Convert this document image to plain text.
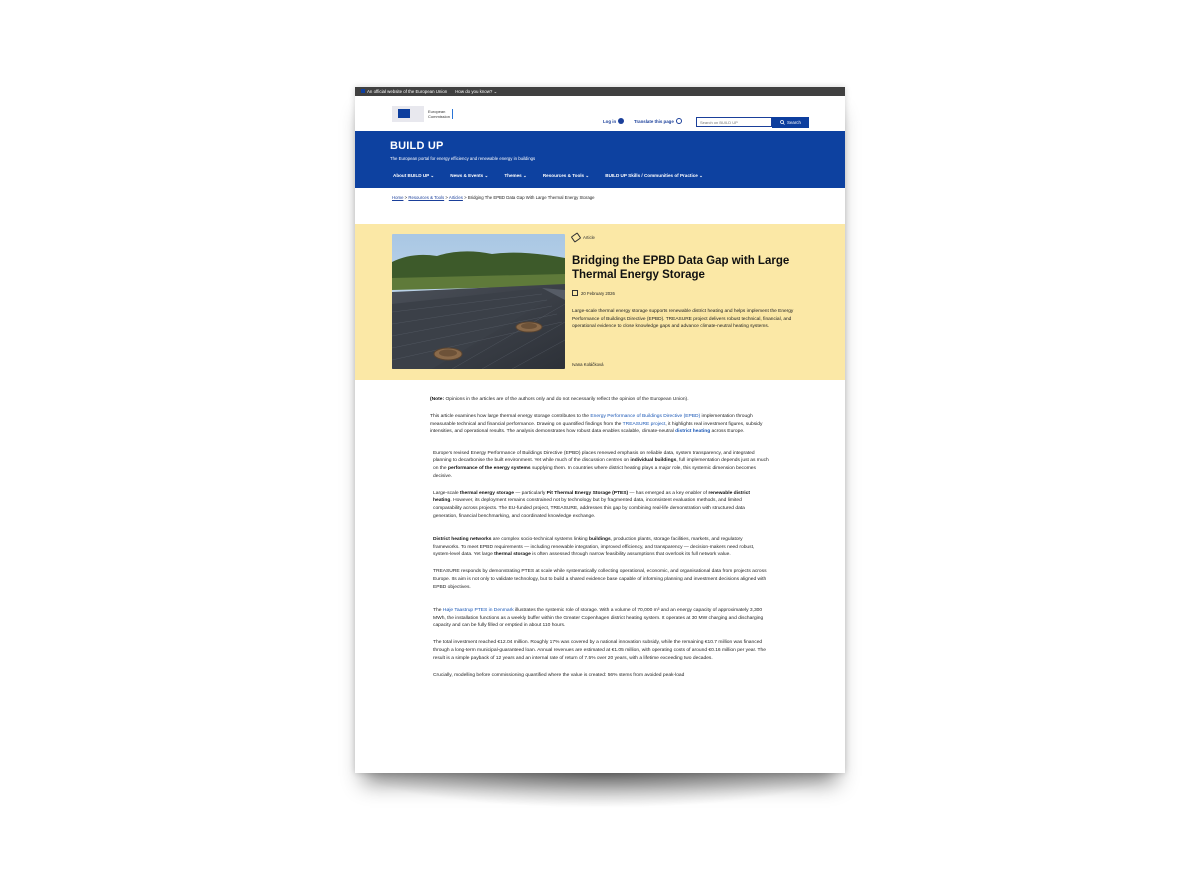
An official website of the European Union How do you know? ⌄
European
Commission
Log in	Translate this page	Search on BUILD UP	Search
BUILD UP
The European portal for energy efficiency and renewable energy in buildings
About BUILD UP ⌄	News & Events ⌄	Themes ⌄	Resources & Tools ⌄	BUILD UP Skills / Communities of Practice ⌄
Home > Resources & Tools > Articles > Bridging The EPBD Data Gap With Large Thermal Energy Storage
Article
Bridging the EPBD Data Gap with Large Thermal Energy Storage
20 February 2026
Large-scale thermal energy storage supports renewable district heating and helps implement the Energy Performance of Buildings Directive (EPBD). TREASURE project delivers robust technical, financial, and operational evidence to close knowledge gaps and advance climate-neutral heating systems.
Ivana Koláčková

(Note: Opinions in the articles are of the authors only and do not necessarily reflect the opinion of the European Union).

This article examines how large thermal energy storage contributes to the Energy Performance of Buildings Directive (EPBD) implementation through measurable technical and financial performance. Drawing on quantified findings from the TREASURE project, it highlights real investment figures, subsidy intensities, and operational results. The analysis demonstrates how robust data enables scalable, climate-neutral district heating across Europe.

Europe's revised Energy Performance of Buildings Directive (EPBD) places renewed emphasis on reliable data, system transparency, and integrated planning to decarbonise the built environment. Yet while much of the discussion centres on individual buildings, full implementation depends just as much on the performance of the energy systems supplying them. In countries where district heating plays a major role, this systemic dimension becomes decisive.

Large-scale thermal energy storage — particularly Pit Thermal Energy Storage (PTES) — has emerged as a key enabler of renewable district heating. However, its deployment remains constrained not by technology but by fragmented data, inconsistent evaluation methods, and limited comparability across projects. The EU-funded project, TREASURE, addresses this gap by combining real-life demonstration with structured data generation, financial benchmarking, and coordinated knowledge exchange.

District heating networks are complex socio-technical systems linking buildings, production plants, storage facilities, markets, and regulatory frameworks. To meet EPBD requirements — including renewable integration, improved efficiency, and transparency — decision-makers need robust, system-level data. Yet large thermal storage is often assessed through narrow feasibility assumptions that overlook its full network value.

TREASURE responds by demonstrating PTES at scale while systematically collecting operational, economic, and organisational data from projects across Europe. Its aim is not only to validate technology, but to build a shared evidence base capable of informing planning and investment decisions aligned with EPBD objectives.

The Høje Taastrup PTES in Denmark illustrates the systemic role of storage. With a volume of 70,000 m³ and an energy capacity of approximately 3,300 MWh, the installation functions as a weekly buffer within the Greater Copenhagen district heating system. It operates at 30 MW charging and discharging capacity and can be fully filled or emptied in about 110 hours.

The total investment reached €12.04 million. Roughly 17% was covered by a national innovation subsidy, while the remaining €10.7 million was financed through a long-term municipal-guaranteed loan. Annual revenues are estimated at €1.05 million, with operating costs of around €0.16 million per year. The result is a simple payback of 12 years and an internal rate of return of 7.5% over 20 years, with a lifetime exceeding two decades.

Crucially, modelling before commissioning quantified where the value is created: 56% stems from avoided peak-load
